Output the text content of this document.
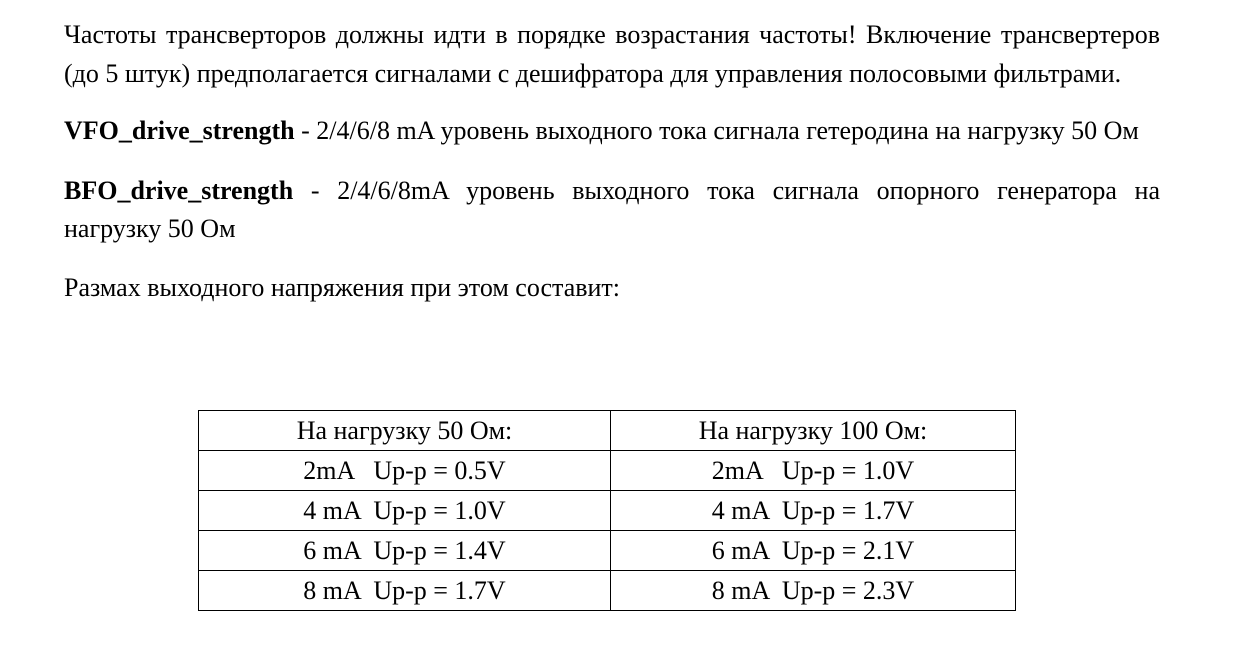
Частоты трансверторов должны идти в порядке возрастания частоты! Включение трансвертеров (до 5 штук) предполагается сигналами с дешифратора для управления полосовыми фильтрами.

VFO_drive_strength - 2/4/6/8 mA уровень выходного тока сигнала гетеродина на нагрузку 50 Ом

BFO_drive_strength - 2/4/6/8mA уровень выходного тока сигнала опорного генератора на нагрузку 50 Ом

Размах выходного напряжения при этом составит:

На нагрузку 50 Ом:	На нагрузку 100 Ом:
2mA   Up-p = 0.5V	2mA   Up-p = 1.0V
4 mA  Up-p = 1.0V	4 mA  Up-p = 1.7V
6 mA  Up-p = 1.4V	6 mA  Up-p = 2.1V
8 mA  Up-p = 1.7V	8 mA  Up-p = 2.3V
